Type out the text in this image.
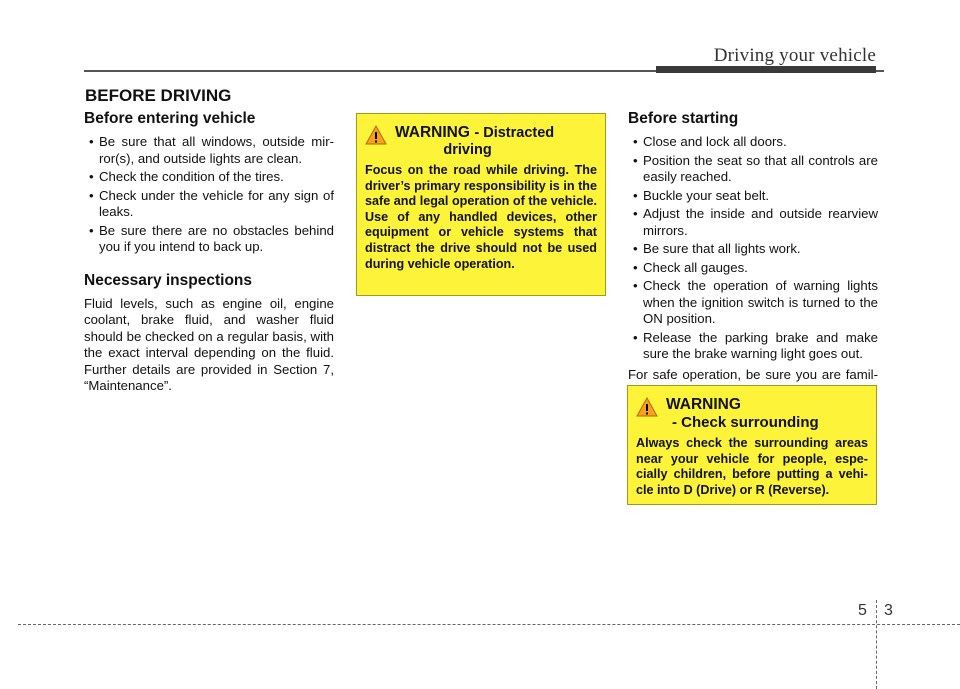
Driving your vehicle
BEFORE DRIVING
Before entering vehicle
• Be sure that all windows, outside mir-ror(s), and outside lights are clean.
• Check the condition of the tires.
• Check under the vehicle for any sign of leaks.
• Be sure there are no obstacles behind you if you intend to back up.
Necessary inspections

Fluid levels, such as engine oil, engine coolant, brake fluid, and washer fluid should be checked on a regular basis, with the exact interval depending on the fluid. Further details are provided in Section 7, “Maintenance”.

WARNING - Distracted
driving

Focus on the road while driving. The driver’s primary responsibility is in the safe and legal operation of the vehicle. Use of any handled devices, other equipment or vehicle systems that distract the drive should not be used during vehicle operation.

Before starting
• Close and lock all doors.
• Position the seat so that all controls are easily reached.
• Buckle your seat belt.
• Adjust the inside and outside rearview mirrors.
• Be sure that all lights work.
• Check all gauges.
• Check the operation of warning lights when the ignition switch is turned to the ON position.
• Release the parking brake and make sure the brake warning light goes out.

For safe operation, be sure you are famil-

WARNING
- Check surrounding

Always check the surrounding areas near your vehicle for people, espe-cially children, before putting a vehi-cle into D (Drive) or R (Reverse).

5 3
